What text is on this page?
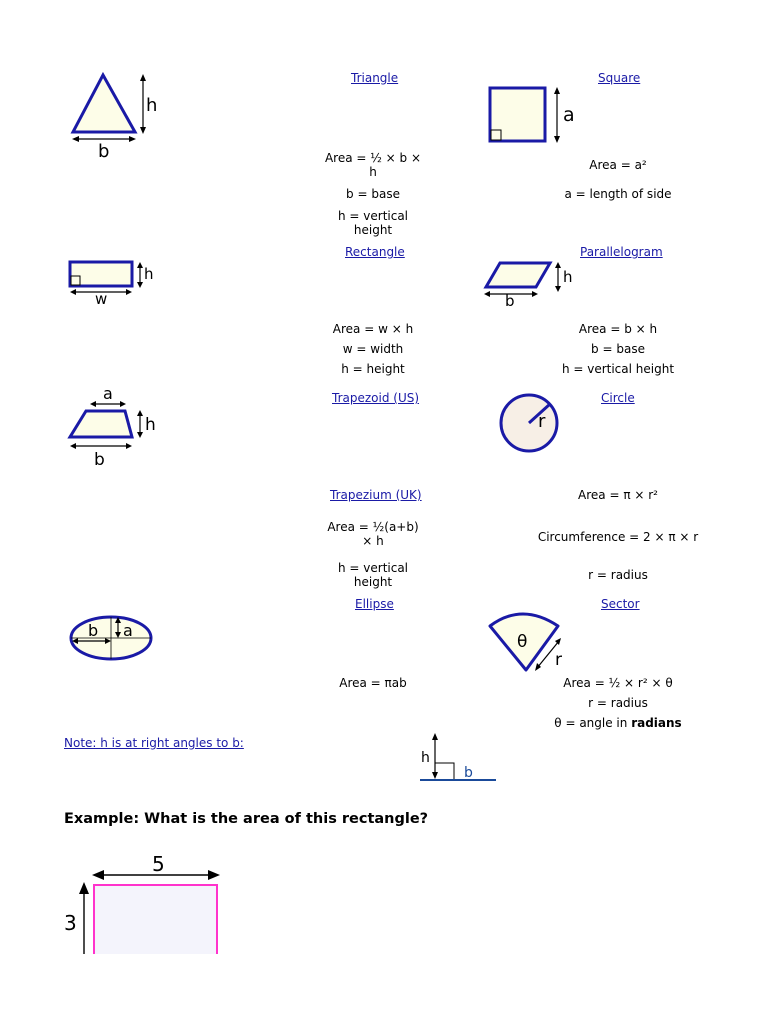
h
b
Triangle
Area = ½ × b × h
b = base
h = vertical height
a
Square
Area = a²
a = length of side
h
w
Rectangle
Area = w × h
w = width
h = height
h
b
Parallelogram
Area = b × h
b = base
h = vertical height
a
h
b
Trapezoid (US)
Trapezium (UK)
Area = ½(a+b) × h
h = vertical height
r
Circle
Area = π × r²
Circumference = 2 × π × r
r = radius
b a
Ellipse
Area = πab
θ
r
Sector
Area = ½ × r² × θ
r = radius
θ = angle in radians
Note: h is at right angles to b:
h
b
Example: What is the area of this rectangle?
5
3
